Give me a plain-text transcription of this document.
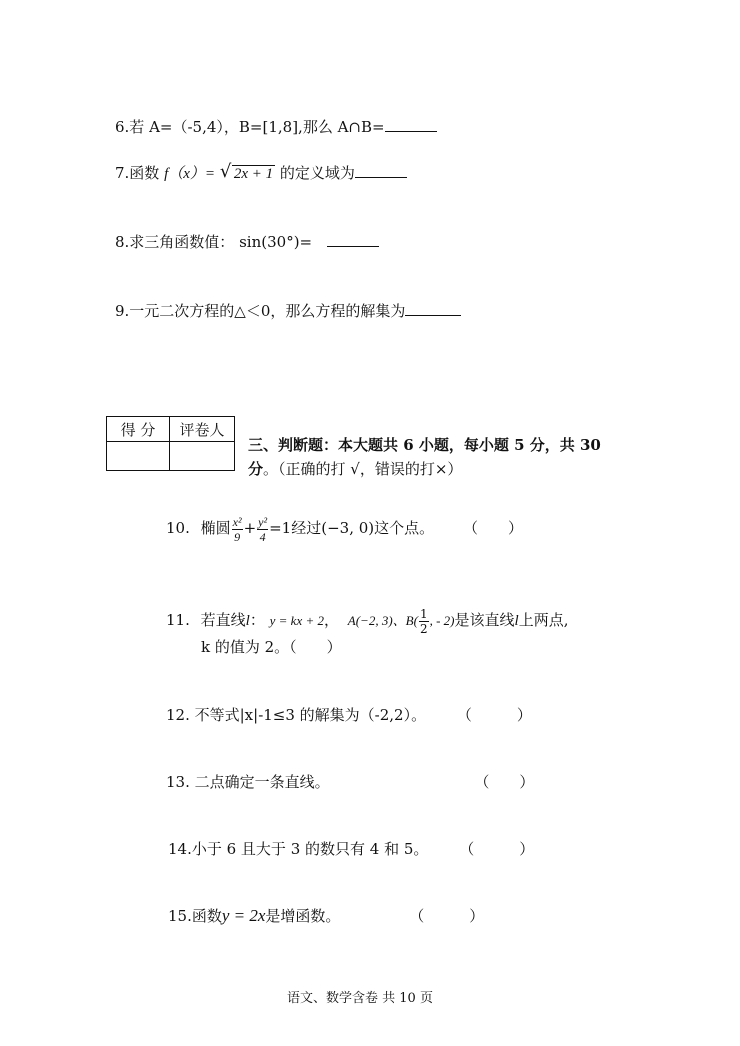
6.若 A=（-5,4），B=[1,8],那么 A∩B=
7.函数 f（x）= √ 2x + 1 的定义域为
8.求三角函数值： sin(30°)=
9.一元二次方程的△＜0，那么方程的解集为
得 分	评卷人

三、判断题：本大题共 6 小题，每小题 5 分，共 30
分。（正确的打 √，错误的打×）
10. 椭圆 $\frac{\text{x²}}{9} + \frac{\text{y²}}{4} =1$经过(−3, 0)这个点。 （　　）
11. 若直线l： y = kx + 2， A(−2, 3)、$B( \frac{1}{2}$ , - 2)是该直线l上两点,
k 的值为 2。（　　）
12. 不等式|x|-1≤3 的解集为（-2,2）。 （　　　）
13. 二点确定一条直线。	（　　）
14.小于 6 且大于 3 的数只有 4 和 5。 （　　　）
15.函数y = 2x是增函数。	（　　　）
语文、数学含卷 共 10 页
